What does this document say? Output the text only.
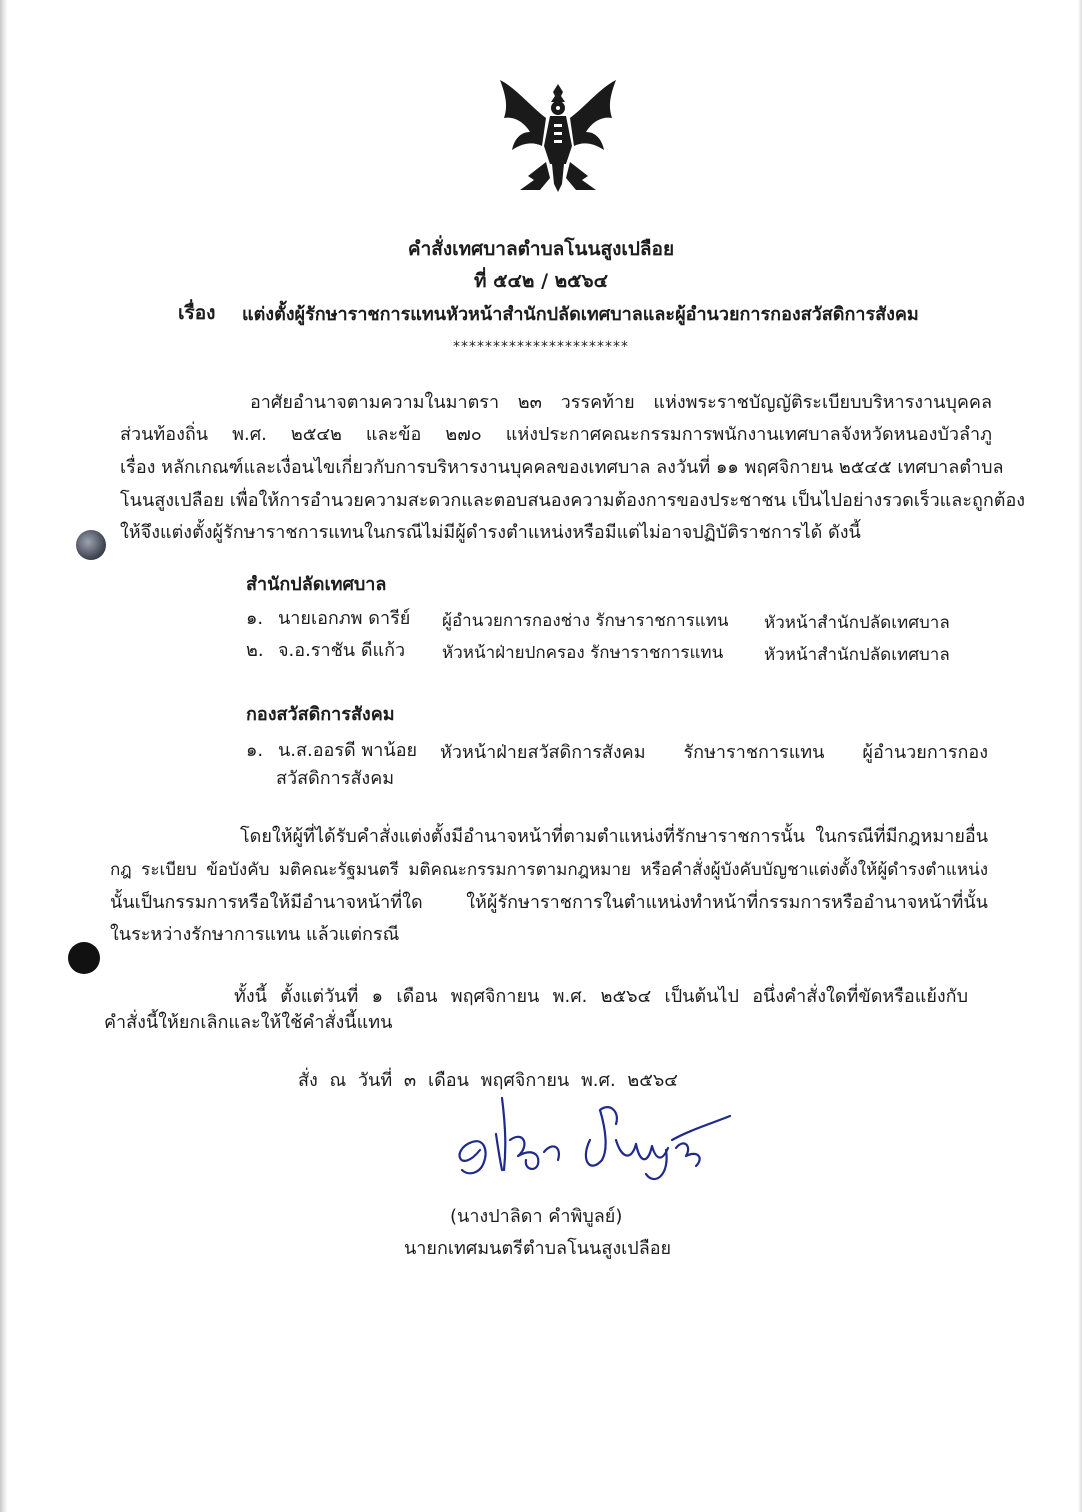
คำสั่งเทศบาลตำบลโนนสูงเปลือย
ที่ ๕๔๒ / ๒๕๖๔
เรื่อง แต่งตั้งผู้รักษาราชการแทนหัวหน้าสำนักปลัดเทศบาลและผู้อำนวยการกองสวัสดิการสังคม
**********************
อาศัยอำนาจตามความในมาตรา ๒๓ วรรคท้าย แห่งพระราชบัญญัติระเบียบบริหารงานบุคคล
ส่วนท้องถิ่น พ.ศ. ๒๕๔๒ และข้อ ๒๗๐ แห่งประกาศคณะกรรมการพนักงานเทศบาลจังหวัดหนองบัวลำภู
เรื่อง หลักเกณฑ์และเงื่อนไขเกี่ยวกับการบริหารงานบุคคลของเทศบาล ลงวันที่ ๑๑ พฤศจิกายน ๒๕๔๕ เทศบาลตำบล
โนนสูงเปลือย เพื่อให้การอำนวยความสะดวกและตอบสนองความต้องการของประชาชน เป็นไปอย่างรวดเร็วและถูกต้อง
ให้จึงแต่งตั้งผู้รักษาราชการแทนในกรณีไม่มีผู้ดำรงตำแหน่งหรือมีแต่ไม่อาจปฏิบัติราชการได้ ดังนี้
สำนักปลัดเทศบาล
๑. นายเอกภพ ดารีย์ ผู้อำนวยการกองช่าง รักษาราชการแทน หัวหน้าสำนักปลัดเทศบาล
๒. จ.อ.ราชัน ดีแก้ว หัวหน้าฝ่ายปกครอง รักษาราชการแทน หัวหน้าสำนักปลัดเทศบาล
กองสวัสดิการสังคม
๑. น.ส.ออรดี พาน้อย หัวหน้าฝ่ายสวัสดิการสังคม รักษาราชการแทน ผู้อำนวยการกอง
สวัสดิการสังคม
โดยให้ผู้ที่ได้รับคำสั่งแต่งตั้งมีอำนาจหน้าที่ตามตำแหน่งที่รักษาราชการนั้น ในกรณีที่มีกฎหมายอื่น
กฎ ระเบียบ ข้อบังคับ มติคณะรัฐมนตรี มติคณะกรรมการตามกฎหมาย หรือคำสั่งผู้บังคับบัญชาแต่งตั้งให้ผู้ดำรงตำแหน่ง
นั้นเป็นกรรมการหรือให้มีอำนาจหน้าที่ใด ให้ผู้รักษาราชการในตำแหน่งทำหน้าที่กรรมการหรืออำนาจหน้าที่นั้น
ในระหว่างรักษาการแทน แล้วแต่กรณี
ทั้งนี้ ตั้งแต่วันที่ ๑ เดือน พฤศจิกายน พ.ศ. ๒๕๖๔ เป็นต้นไป อนึ่งคำสั่งใดที่ขัดหรือแย้งกับ
คำสั่งนี้ให้ยกเลิกและให้ใช้คำสั่งนี้แทน
สั่ง ณ วันที่ ๓ เดือน พฤศจิกายน พ.ศ. ๒๕๖๔
(นางปาลิดา คำพิบูลย์)
นายกเทศมนตรีตำบลโนนสูงเปลือย
